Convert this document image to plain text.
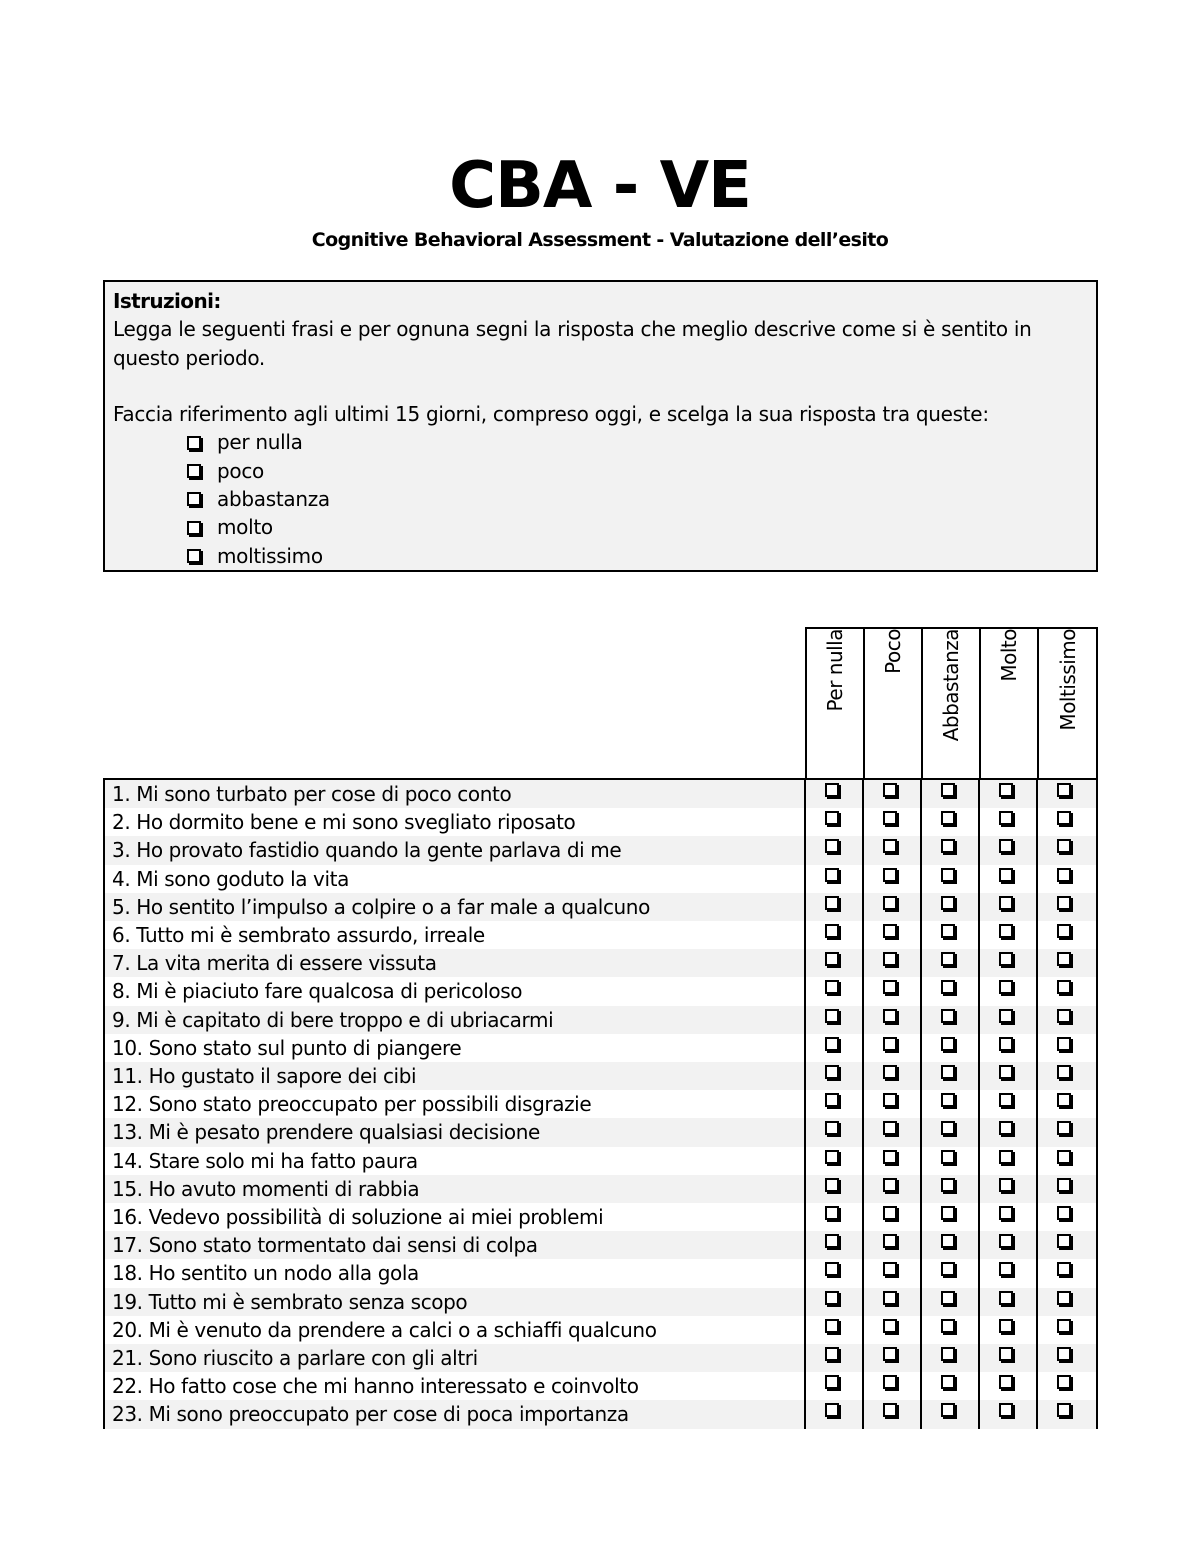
CBA - VE
Cognitive Behavioral Assessment - Valutazione dell’esito
Istruzioni:
Legga le seguenti frasi e per ognuna segni la risposta che meglio descrive come si è sentito in
questo periodo.
Faccia riferimento agli ultimi 15 giorni, compreso oggi, e scelga la sua risposta tra queste:
per nulla
poco
abbastanza
molto
moltissimo
Per nulla Poco Abbastanza Molto Moltissimo
1. Mi sono turbato per cose di poco conto
2. Ho dormito bene e mi sono svegliato riposato
3. Ho provato fastidio quando la gente parlava di me
4. Mi sono goduto la vita
5. Ho sentito l’impulso a colpire o a far male a qualcuno
6. Tutto mi è sembrato assurdo, irreale
7. La vita merita di essere vissuta
8. Mi è piaciuto fare qualcosa di pericoloso
9. Mi è capitato di bere troppo e di ubriacarmi
10. Sono stato sul punto di piangere
11. Ho gustato il sapore dei cibi
12. Sono stato preoccupato per possibili disgrazie
13. Mi è pesato prendere qualsiasi decisione
14. Stare solo mi ha fatto paura
15. Ho avuto momenti di rabbia
16. Vedevo possibilità di soluzione ai miei problemi
17. Sono stato tormentato dai sensi di colpa
18. Ho sentito un nodo alla gola
19. Tutto mi è sembrato senza scopo
20. Mi è venuto da prendere a calci o a schiaffi qualcuno
21. Sono riuscito a parlare con gli altri
22. Ho fatto cose che mi hanno interessato e coinvolto
23. Mi sono preoccupato per cose di poca importanza
